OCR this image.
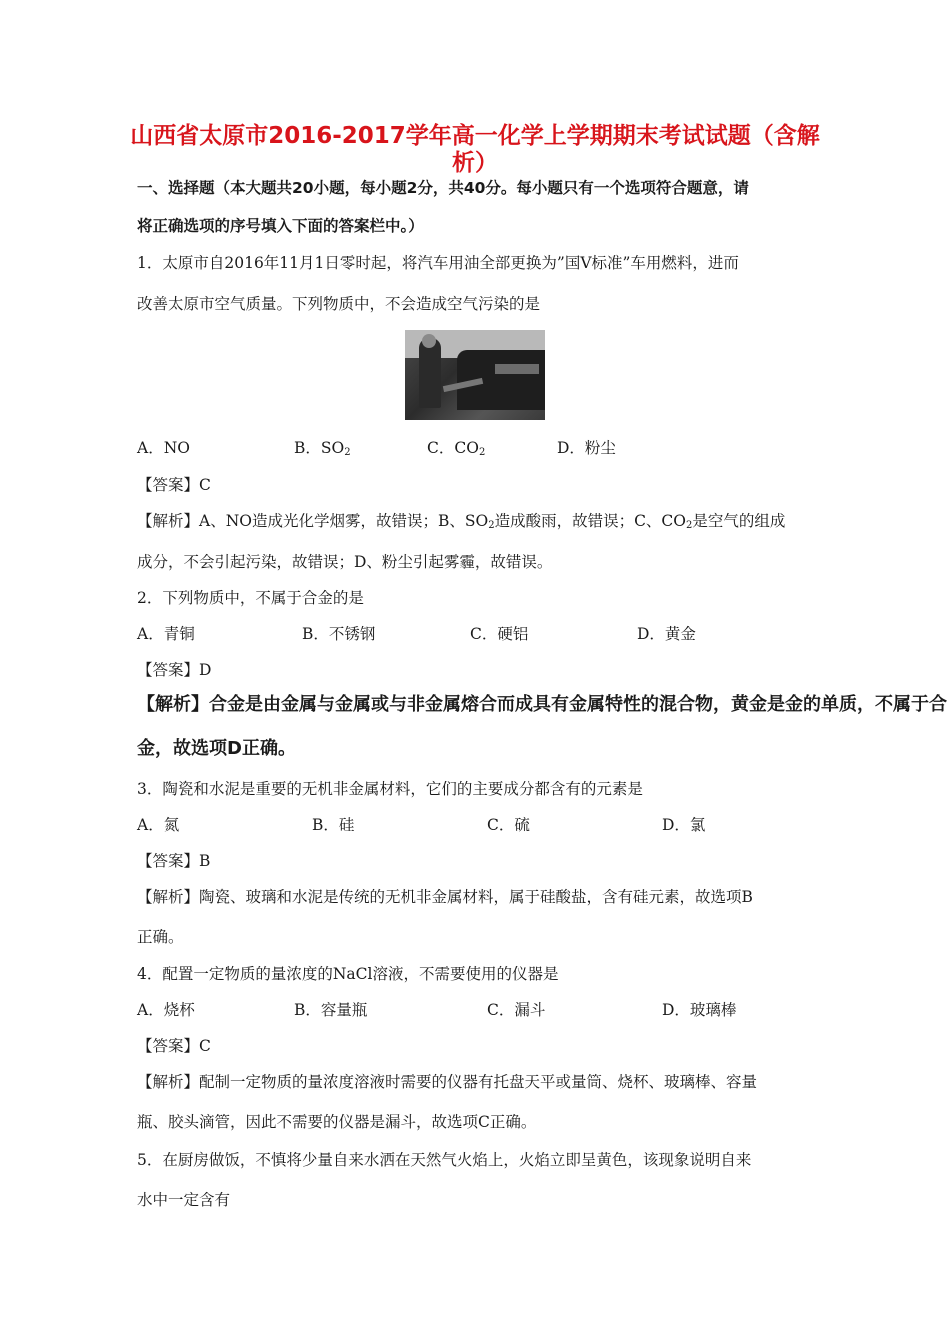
山西省太原市2016-2017学年高一化学上学期期末考试试题（含解
析）
一、选择题（本大题共20小题，每小题2分，共40分。每小题只有一个选项符合题意，请
将正确选项的序号填入下面的答案栏中。）
1．太原市自2016年11月1日零时起，将汽车用油全部更换为”国Ⅴ标准”车用燃料，进而
改善太原市空气质量。下列物质中，不会造成空气污染的是
A．NO	B．$SO_2$	C．$CO_2$	D．粉尘
【答案】C
【解析】A、NO造成光化学烟雾，故错误；B、$SO_2$造成酸雨，故错误；C、$CO_2$是空气的组成
成分，不会引起污染，故错误；D、粉尘引起雾霾，故错误。
2．下列物质中，不属于合金的是
A．青铜	B．不锈钢	C．硬铝	D．黄金
【答案】D
【解析】合金是由金属与金属或与非金属熔合而成具有金属特性的混合物，黄金是金的单质，不属于合
金，故选项D正确。
3．陶瓷和水泥是重要的无机非金属材料，它们的主要成分都含有的元素是
A．氮	B．硅	C．硫	D．氯
【答案】B
【解析】陶瓷、玻璃和水泥是传统的无机非金属材料，属于硅酸盐，含有硅元素，故选项B
正确。
4．配置一定物质的量浓度的NaCl溶液，不需要使用的仪器是
A．烧杯	B．容量瓶	C．漏斗	D．玻璃棒
【答案】C
【解析】配制一定物质的量浓度溶液时需要的仪器有托盘天平或量筒、烧杯、玻璃棒、容量
瓶、胶头滴管，因此不需要的仪器是漏斗，故选项C正确。
5．在厨房做饭，不慎将少量自来水洒在天然气火焰上，火焰立即呈黄色，该现象说明自来
水中一定含有
